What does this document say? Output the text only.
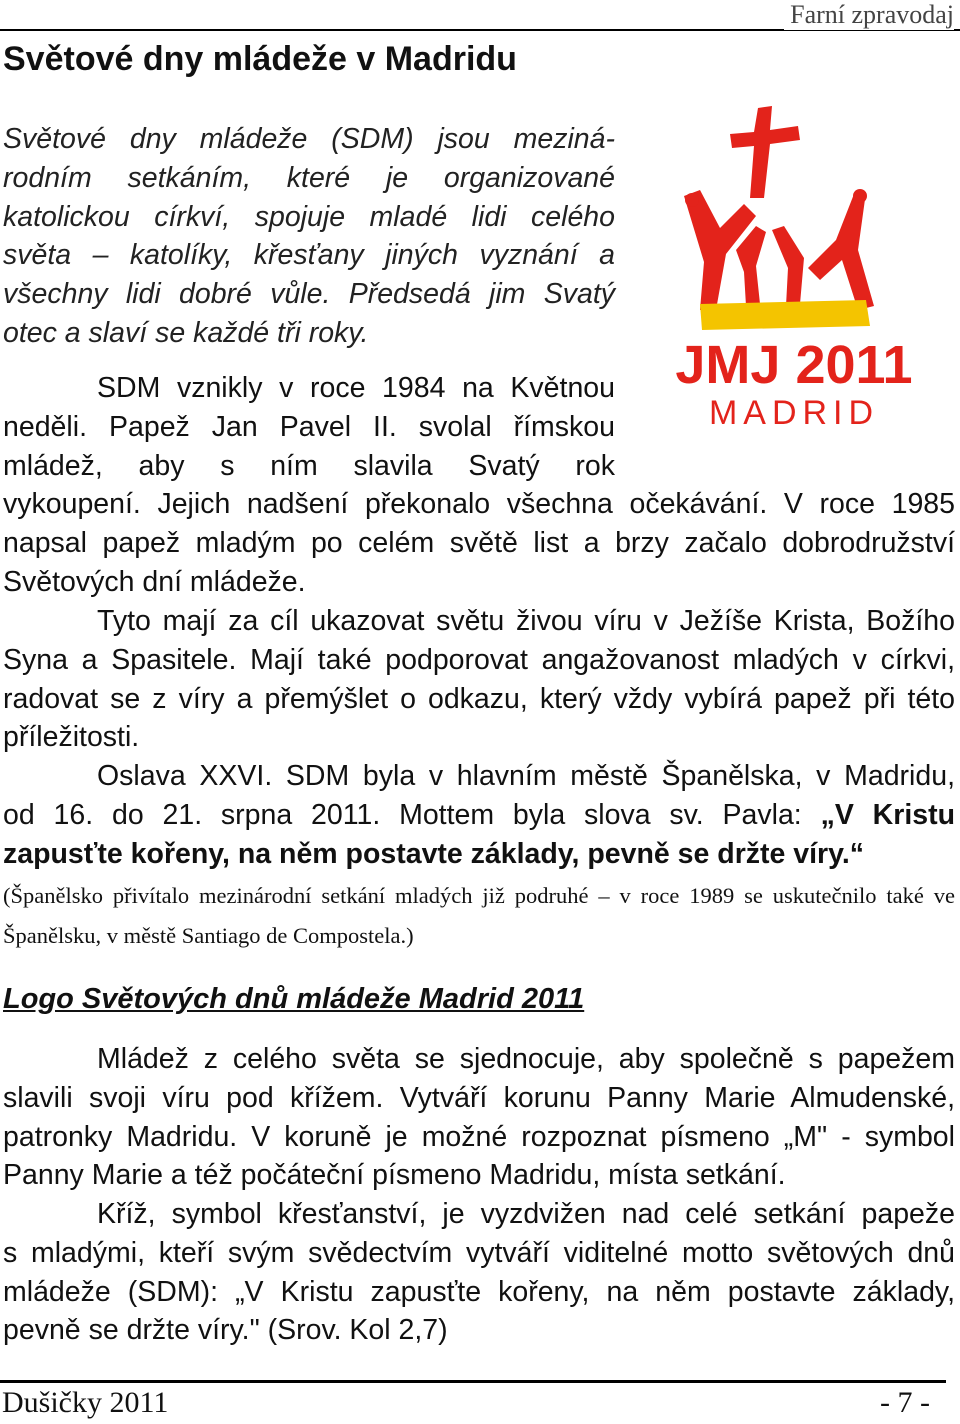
Farní zpravodaj
Světové dny mládeže v Madridu
Světové dny mládeže (SDM) jsou meziná-
rodním setkáním, které je organizované
katolickou církví, spojuje mladé lidi celého
světa – katolíky, křesťany jiných vyznání a
všechny lidi dobré vůle. Předsedá jim Svatý
otec a slaví se každé tři roky.
SDM vznikly v roce 1984 na Květnou
neděli. Papež Jan Pavel II. svolal římskou
mládež, aby s ním slavila Svatý rok
vykoupení. Jejich nadšení překonalo všechna očekávání. V roce 1985
napsal papež mladým po celém světě list a brzy začalo dobrodružství
Světových dní mládeže.
Tyto mají za cíl ukazovat světu živou víru v Ježíše Krista, Božího
Syna a Spasitele. Mají také podporovat angažovanost mladých v církvi,
radovat se z víry a přemýšlet o odkazu, který vždy vybírá papež při této
příležitosti.
Oslava XXVI. SDM byla v hlavním městě Španělska, v Madridu,
od 16. do 21. srpna 2011. Mottem byla slova sv. Pavla: „V Kristu
zapusťte kořeny, na něm postavte základy, pevně se držte víry.“

(Španělsko přivítalo mezinárodní setkání mladých již podruhé – v roce 1989 se uskutečnilo také ve Španělsku, v městě Santiago de Compostela.)

JMJ 2011
MADRID
Logo Světových dnů mládeže Madrid 2011
Mládež z celého světa se sjednocuje, aby společně s papežem
slavili svoji víru pod křížem. Vytváří korunu Panny Marie Almudenské,
patronky Madridu. V koruně je možné rozpoznat písmeno „M" - symbol
Panny Marie a též počáteční písmeno Madridu, místa setkání.
Kříž, symbol křesťanství, je vyzdvižen nad celé setkání papeže
s mladými, kteří svým svědectvím vytváří viditelné motto světových dnů
mládeže (SDM): „V Kristu zapusťte kořeny, na něm postavte základy,
pevně se držte víry." (Srov. Kol 2,7)
Dušičky 2011	- 7 -
